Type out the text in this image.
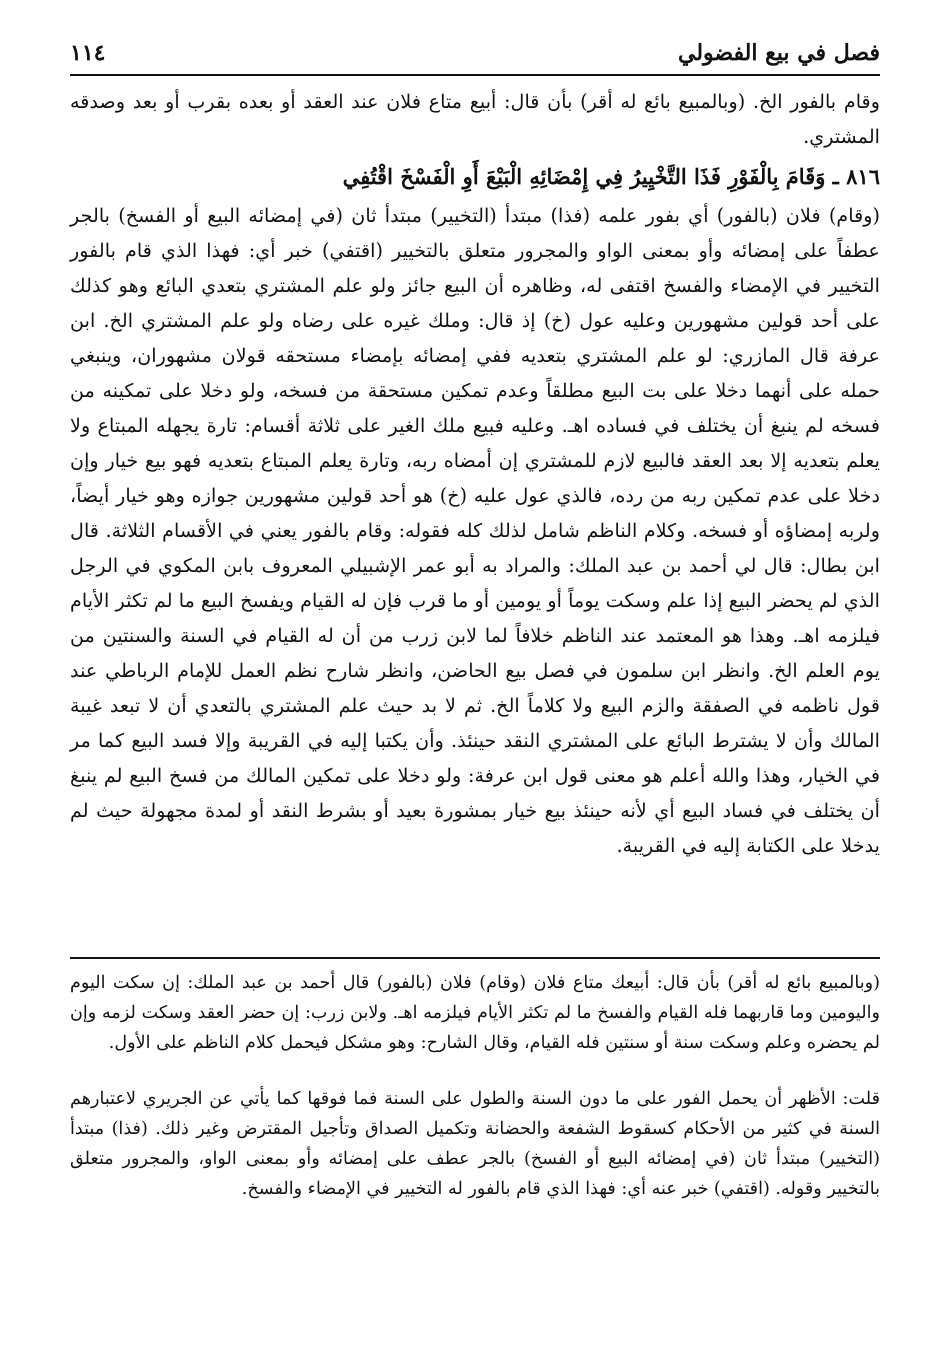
فصل في بيع الفضولي
١١٤

وقام بالفور الخ. (وبالمبيع بائع له أقر) بأن قال: أبيع متاع فلان عند العقد أو بعده بقرب أو بعد وصدقه المشتري.

٨١٦ ـ وَقَامَ بِالْفَوْرِ فَذَا التَّخْيِيرُ فِي إِمْضَائِهِ الْبَيْعَ أَوِ الْفَسْخَ اقْتُفِي

(وقام) فلان (بالفور) أي بفور علمه (فذا) مبتدأ (التخيير) مبتدأ ثان (في إمضائه البيع أو الفسخ) بالجر عطفاً على إمضائه وأو بمعنى الواو والمجرور متعلق بالتخيير (اقتفي) خبر أي: فهذا الذي قام بالفور التخيير في الإمضاء والفسخ اقتفى له، وظاهره أن البيع جائز ولو علم المشتري بتعدي البائع وهو كذلك على أحد قولين مشهورين وعليه عول (خ) إذ قال: وملك غيره على رضاه ولو علم المشتري الخ. ابن عرفة قال المازري: لو علم المشتري بتعديه ففي إمضائه بإمضاء مستحقه قولان مشهوران، وينبغي حمله على أنهما دخلا على بت البيع مطلقاً وعدم تمكين مستحقة من فسخه، ولو دخلا على تمكينه من فسخه لم ينبغ أن يختلف في فساده اهـ. وعليه فبيع ملك الغير على ثلاثة أقسام: تارة يجهله المبتاع ولا يعلم بتعديه إلا بعد العقد فالبيع لازم للمشتري إن أمضاه ربه، وتارة يعلم المبتاع بتعديه فهو بيع خيار وإن دخلا على عدم تمكين ربه من رده، فالذي عول عليه (خ) هو أحد قولين مشهورين جوازه وهو خيار أيضاً، ولربه إمضاؤه أو فسخه. وكلام الناظم شامل لذلك كله فقوله: وقام بالفور يعني في الأقسام الثلاثة. قال ابن بطال: قال لي أحمد بن عبد الملك: والمراد به أبو عمر الإشبيلي المعروف بابن المكوي في الرجل الذي لم يحضر البيع إذا علم وسكت يوماً أو يومين أو ما قرب فإن له القيام ويفسخ البيع ما لم تكثر الأيام فيلزمه اهـ. وهذا هو المعتمد عند الناظم خلافاً لما لابن زرب من أن له القيام في السنة والسنتين من يوم العلم الخ. وانظر ابن سلمون في فصل بيع الحاضن، وانظر شارح نظم العمل للإمام الرباطي عند قول ناظمه في الصفقة والزم البيع ولا كلاماً الخ. ثم لا بد حيث علم المشتري بالتعدي أن لا تبعد غيبة المالك وأن لا يشترط البائع على المشتري النقد حينئذ. وأن يكتبا إليه في القريبة وإلا فسد البيع كما مر في الخيار، وهذا والله أعلم هو معنى قول ابن عرفة: ولو دخلا على تمكين المالك من فسخ البيع لم ينبغ أن يختلف في فساد البيع أي لأنه حينئذ بيع خيار بمشورة بعيد أو بشرط النقد أو لمدة مجهولة حيث لم يدخلا على الكتابة إليه في القريبة.

(وبالمبيع بائع له أقر) بأن قال: أبيعك متاع فلان (وقام) فلان (بالفور) قال أحمد بن عبد الملك: إن سكت اليوم واليومين وما قاربهما فله القيام والفسخ ما لم تكثر الأيام فيلزمه اهـ. ولابن زرب: إن حضر العقد وسكت لزمه وإن لم يحضره وعلم وسكت سنة أو سنتين فله القيام، وقال الشارح: وهو مشكل فيحمل كلام الناظم على الأول.

قلت: الأظهر أن يحمل الفور على ما دون السنة والطول على السنة فما فوقها كما يأتي عن الجريري لاعتبارهم السنة في كثير من الأحكام كسقوط الشفعة والحضانة وتكميل الصداق وتأجيل المقترض وغير ذلك. (فذا) مبتدأ (التخيير) مبتدأ ثان (في إمضائه البيع أو الفسخ) بالجر عطف على إمضائه وأو بمعنى الواو، والمجرور متعلق بالتخيير وقوله. (اقتفي) خبر عنه أي: فهذا الذي قام بالفور له التخيير في الإمضاء والفسخ.
